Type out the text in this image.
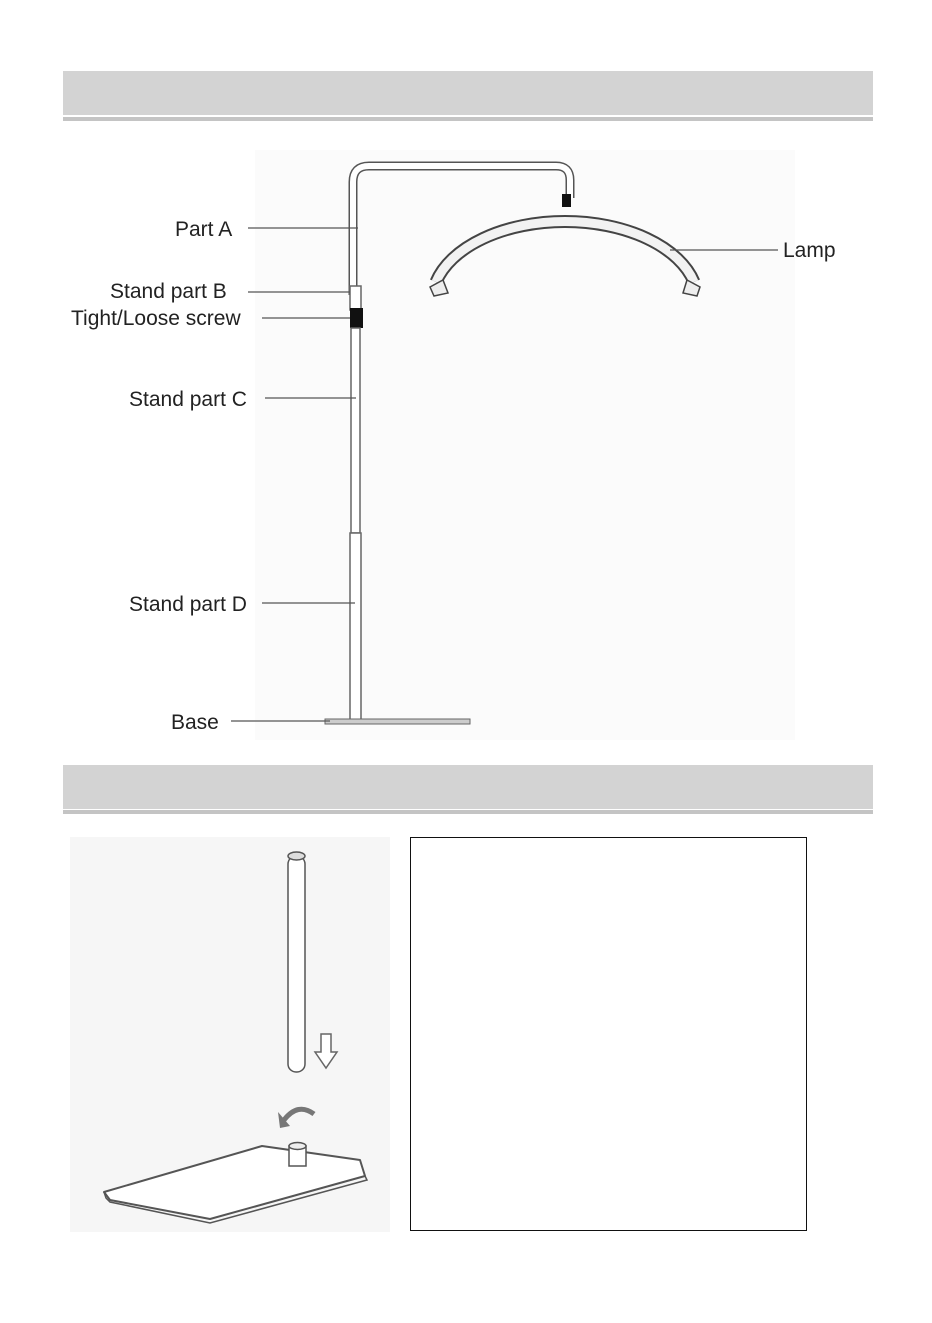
Part A
Stand part B
Tight/Loose screw
Stand part C
Stand part D
Base
Lamp
